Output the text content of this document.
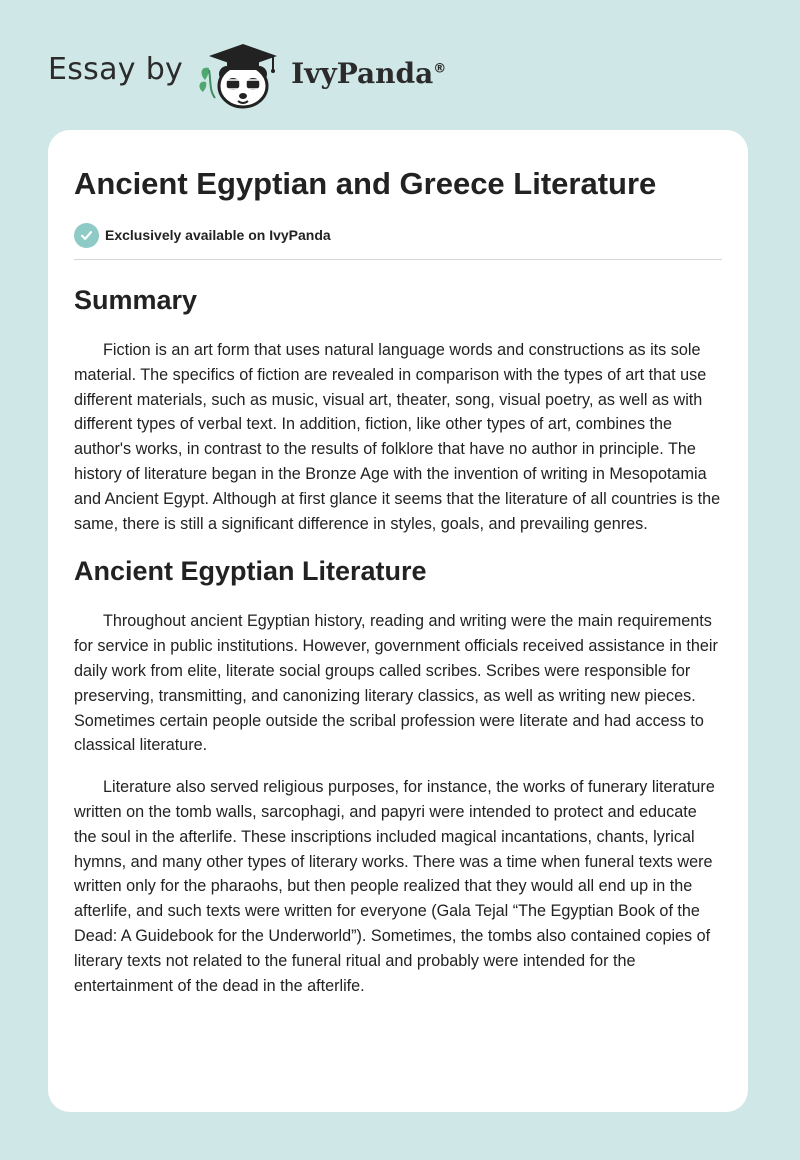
Essay by	IvyPanda®
Ancient Egyptian and Greece Literature
Exclusively available on IvyPanda
Summary

Fiction is an art form that uses natural language words and constructions as its sole material. The specifics of fiction are revealed in comparison with the types of art that use different materials, such as music, visual art, theater, song, visual poetry, as well as with different types of verbal text. In addition, fiction, like other types of art, combines the author's works, in contrast to the results of folklore that have no author in principle. The history of literature began in the Bronze Age with the invention of writing in Mesopotamia and Ancient Egypt. Although at first glance it seems that the literature of all countries is the same, there is still a significant difference in styles, goals, and prevailing genres.

Ancient Egyptian Literature

Throughout ancient Egyptian history, reading and writing were the main requirements for service in public institutions. However, government officials received assistance in their daily work from elite, literate social groups called scribes. Scribes were responsible for preserving, transmitting, and canonizing literary classics, as well as writing new pieces. Sometimes certain people outside the scribal profession were literate and had access to classical literature.

Literature also served religious purposes, for instance, the works of funerary literature written on the tomb walls, sarcophagi, and papyri were intended to protect and educate the soul in the afterlife. These inscriptions included magical incantations, chants, lyrical hymns, and many other types of literary works. There was a time when funeral texts were written only for the pharaohs, but then people realized that they would all end up in the afterlife, and such texts were written for everyone (Gala Tejal “The Egyptian Book of the Dead: A Guidebook for the Underworld”). Sometimes, the tombs also contained copies of literary texts not related to the funeral ritual and probably were intended for the entertainment of the dead in the afterlife.
